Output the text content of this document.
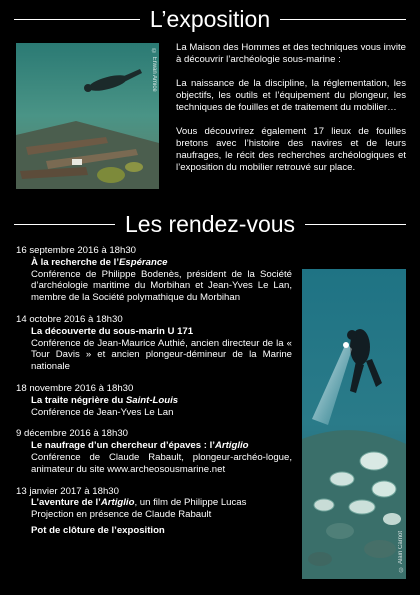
L’exposition
© Erwan Amice

La Maison des Hommes et des techniques vous invite à découvrir l’archéologie sous-marine :

La naissance de la discipline, la réglementation, les objectifs, les outils et l’équipement du plongeur, les techniques de fouilles et de traitement du mobilier…

Vous découvrirez également 17 lieux de fouilles bretons avec l’histoire des navires et de leurs naufrages, le récit des recherches archéologiques et l’exposition du mobilier retrouvé sur place.

Les rendez-vous
16 septembre 2016 à 18h30
À la recherche de l’Espérance
Conférence de Philippe Bodenès, président de la Société d’archéologie maritime du Morbihan et Jean-Yves Le Lan, membre de la Société polymathique du Morbihan
14 octobre 2016 à 18h30
La découverte du sous-marin U 171
Conférence de Jean-Maurice Authié, ancien directeur de la « Tour Davis » et ancien plongeur-démineur de la Marine nationale
18 novembre 2016 à 18h30
La traite négrière du Saint-Louis
Conférence de Jean-Yves Le Lan
9 décembre 2016 à 18h30
Le naufrage d’un chercheur d’épaves : l’Artiglio
Conférence de Claude Rabault, plongeur-archéo-logue, animateur du site www.archeosousmarine.net
13 janvier 2017 à 18h30
L’aventure de l’Artiglio, un film de Philippe Lucas
Projection en présence de Claude Rabault
Pot de clôture de l’exposition
© Alain Carnot
